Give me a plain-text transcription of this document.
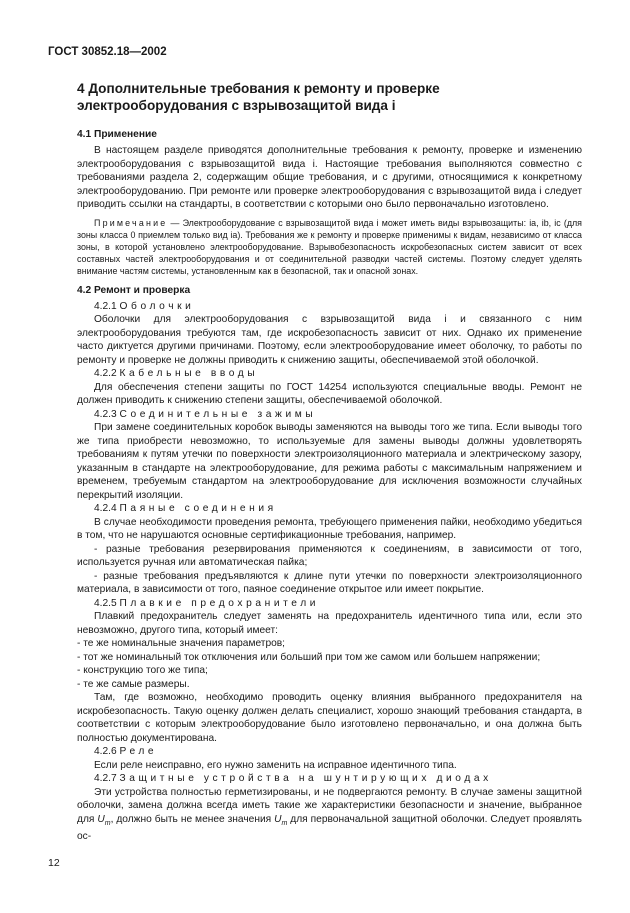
ГОСТ 30852.18—2002
4 Дополнительные требования к ремонту и проверке электрооборудования с взрывозащитой вида i
4.1 Применение

В настоящем разделе приводятся дополнительные требования к ремонту, проверке и изменению электрооборудования с взрывозащитой вида i. Настоящие требования выполняются совместно с требованиями раздела 2, содержащим общие требования, и с другими, относящимися к конкретному электрооборудованию. При ремонте или проверке электрооборудования с взрывозащитой вида i следует приводить ссылки на стандарты, в соответствии с которыми оно было первоначально изготовлено.

Примечание — Электрооборудование с взрывозащитой вида i может иметь виды взрывозащиты: ia, ib, ic (для зоны класса 0 приемлем только вид ia). Требования же к ремонту и проверке применимы к видам, независимо от класса зоны, в которой установлено электрооборудование. Взрывобезопасность искробезопасных систем зависит от всех составных частей электрооборудования и от соединительной разводки частей системы. Поэтому следует уделять внимание частям системы, установленным как в безопасной, так и опасной зонах.

4.2 Ремонт и проверка
4.2.1 Оболочки

Оболочки для электрооборудования с взрывозащитой вида i и связанного с ним электрооборудования требуются там, где искробезопасность зависит от них. Однако их применение часто диктуется другими причинами. Поэтому, если электрооборудование имеет оболочку, то работы по ремонту и проверке не должны приводить к снижению защиты, обеспечиваемой этой оболочкой.

4.2.2 Кабельные вводы

Для обеспечения степени защиты по ГОСТ 14254 используются специальные вводы. Ремонт не должен приводить к снижению степени защиты, обеспечиваемой оболочкой.

4.2.3 Соединительные зажимы

При замене соединительных коробок выводы заменяются на выводы того же типа. Если выводы того же типа приобрести невозможно, то используемые для замены выводы должны удовлетворять требованиям к путям утечки по поверхности электроизоляционного материала и электрическому зазору, указанным в стандарте на электрооборудование, для режима работы с максимальным напряжением и временем, требуемым стандартом на электрооборудование для исключения возможности случайных перекрытий изоляции.

4.2.4 Паяные соединения

В случае необходимости проведения ремонта, требующего применения пайки, необходимо убедиться в том, что не нарушаются основные сертификационные требования, например.

- разные требования резервирования применяются к соединениям, в зависимости от того, используется ручная или автоматическая пайка;

- разные требования предъявляются к длине пути утечки по поверхности электроизоляционного материала, в зависимости от того, паяное соединение открытое или имеет покрытие.

4.2.5 Плавкие предохранители

Плавкий предохранитель следует заменять на предохранитель идентичного типа или, если это невозможно, другого типа, который имеет:

- те же номинальные значения параметров;

- тот же номинальный ток отключения или больший при том же самом или большем напряжении;

- конструкцию того же типа;

- те же самые размеры.

Там, где возможно, необходимо проводить оценку влияния выбранного предохранителя на искробезопасность. Такую оценку должен делать специалист, хорошо знающий требования стандарта, в соответствии с которым электрооборудование было изготовлено первоначально, и она должна быть полностью документирована.

4.2.6 Реле

Если реле неисправно, его нужно заменить на исправное идентичного типа.

4.2.7 Защитные устройства на шунтирующих диодах

Эти устройства полностью герметизированы, и не подвергаются ремонту. В случае замены защитной оболочки, замена должна всегда иметь такие же характеристики безопасности и значение, выбранное для $U_m$, должно быть не менее значения $U_m$ для первоначальной защитной оболочки. Следует проявлять ос-

12
